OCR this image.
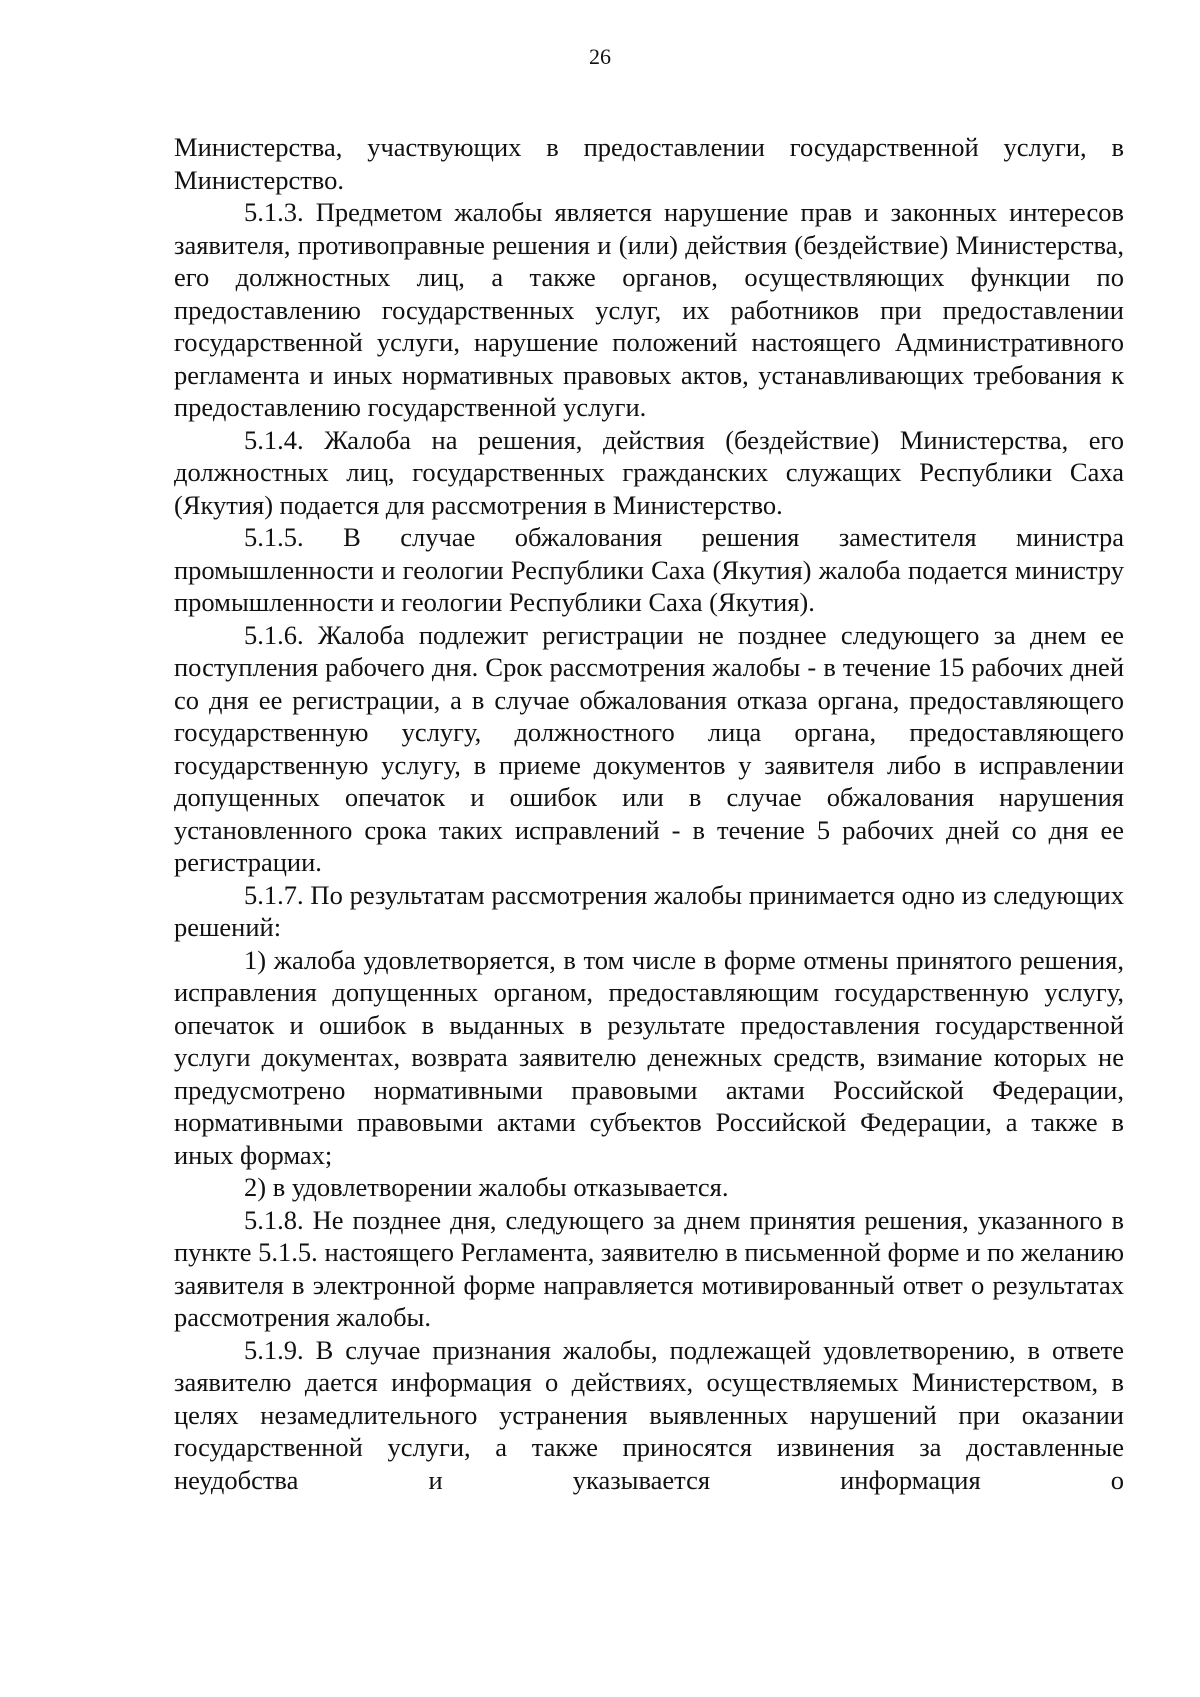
26

Министерства, участвующих в предоставлении государственной услуги, в Министерство.

5.1.3. Предметом жалобы является нарушение прав и законных интересов заявителя, противоправные решения и (или) действия (бездействие) Министерства, его должностных лиц, а также органов, осуществляющих функции по предоставлению государственных услуг, их работников при предоставлении государственной услуги, нарушение положений настоящего Административного регламента и иных нормативных правовых актов, устанавливающих требования к предоставлению государственной услуги.

5.1.4. Жалоба на решения, действия (бездействие) Министерства, его должностных лиц, государственных гражданских служащих Республики Саха (Якутия) подается для рассмотрения в Министерство.

5.1.5. В случае обжалования решения заместителя министра промышленности и геологии Республики Саха (Якутия) жалоба подается министру промышленности и геологии Республики Саха (Якутия).

5.1.6. Жалоба подлежит регистрации не позднее следующего за днем ее поступления рабочего дня. Срок рассмотрения жалобы - в течение 15 рабочих дней со дня ее регистрации, а в случае обжалования отказа органа, предоставляющего государственную услугу, должностного лица органа, предоставляющего государственную услугу, в приеме документов у заявителя либо в исправлении допущенных опечаток и ошибок или в случае обжалования нарушения установленного срока таких исправлений - в течение 5 рабочих дней со дня ее регистрации.

5.1.7. По результатам рассмотрения жалобы принимается одно из следующих решений:

1) жалоба удовлетворяется, в том числе в форме отмены принятого решения, исправления допущенных органом, предоставляющим государственную услугу, опечаток и ошибок в выданных в результате предоставления государственной услуги документах, возврата заявителю денежных средств, взимание которых не предусмотрено нормативными правовыми актами Российской Федерации, нормативными правовыми актами субъектов Российской Федерации, а также в иных формах;

2) в удовлетворении жалобы отказывается.

5.1.8. Не позднее дня, следующего за днем принятия решения, указанного в пункте 5.1.5. настоящего Регламента, заявителю в письменной форме и по желанию заявителя в электронной форме направляется мотивированный ответ о результатах рассмотрения жалобы.

5.1.9. В случае признания жалобы, подлежащей удовлетворению, в ответе заявителю дается информация о действиях, осуществляемых Министерством, в целях незамедлительного устранения выявленных нарушений при оказании государственной услуги, а также приносятся извинения за доставленные неудобства и указывается информация о
